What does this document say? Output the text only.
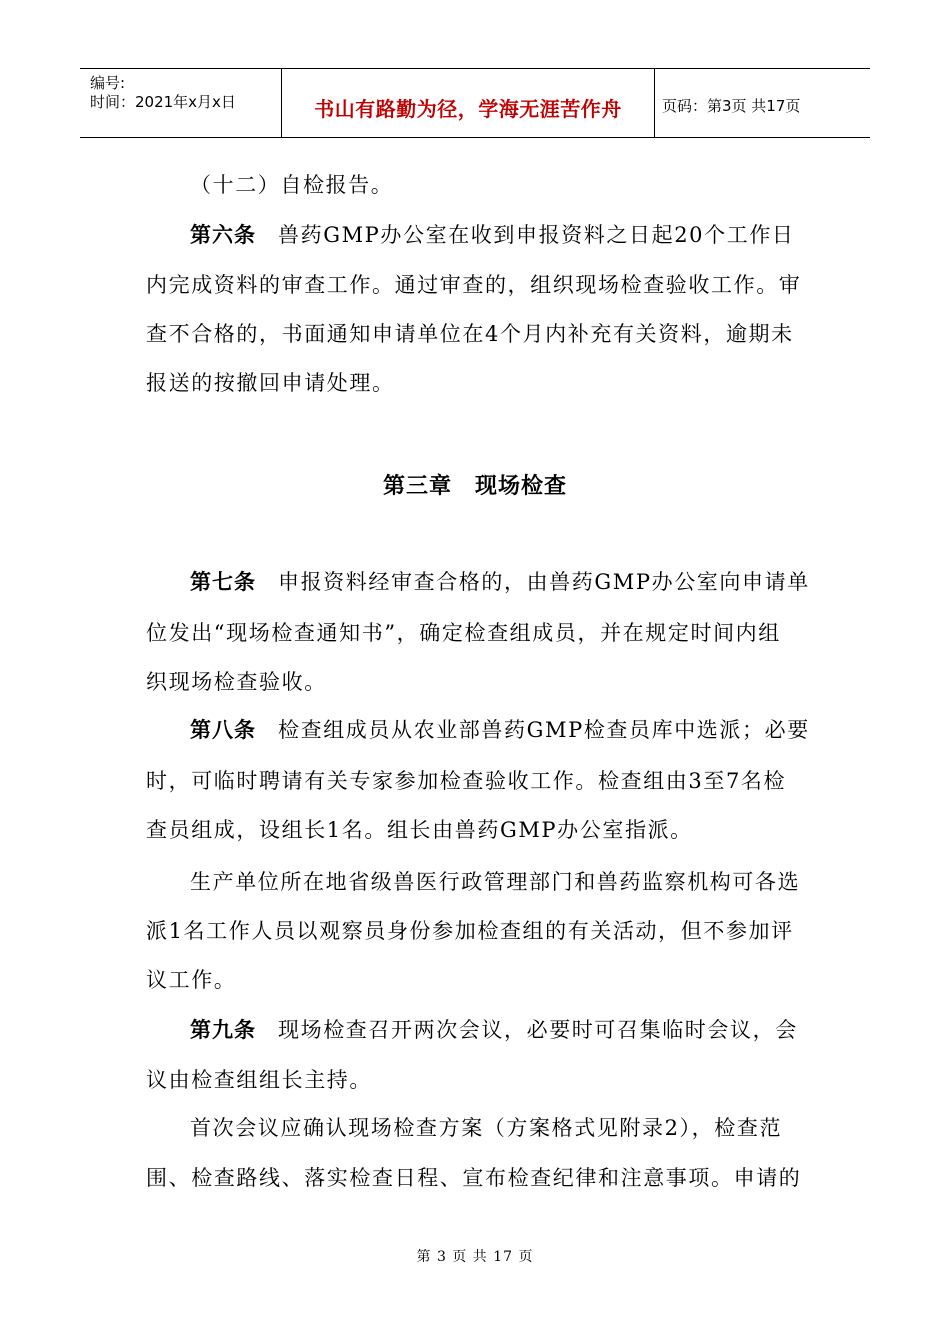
编号:
时间：2021年x月x日	书山有路勤为径，学海无涯苦作舟	页码：第3页 共17页
（十二）自检报告。
第六条 兽药GMP办公室在收到申报资料之日起20个工作日
内完成资料的审查工作。通过审查的，组织现场检查验收工作。审
查不合格的，书面通知申请单位在4个月内补充有关资料，逾期未
报送的按撤回申请处理。
第三章　现场检查
第七条 申报资料经审查合格的，由兽药GMP办公室向申请单
位发出“现场检查通知书”，确定检查组成员，并在规定时间内组
织现场检查验收。
第八条 检查组成员从农业部兽药GMP检查员库中选派；必要
时，可临时聘请有关专家参加检查验收工作。检查组由3至7名检
查员组成，设组长1名。组长由兽药GMP办公室指派。
生产单位所在地省级兽医行政管理部门和兽药监察机构可各选
派1名工作人员以观察员身份参加检查组的有关活动，但不参加评
议工作。
第九条 现场检查召开两次会议，必要时可召集临时会议，会
议由检查组组长主持。
首次会议应确认现场检查方案（方案格式见附录2），检查范
围、检查路线、落实检查日程、宣布检查纪律和注意事项。申请的
第 3 页 共 17 页
